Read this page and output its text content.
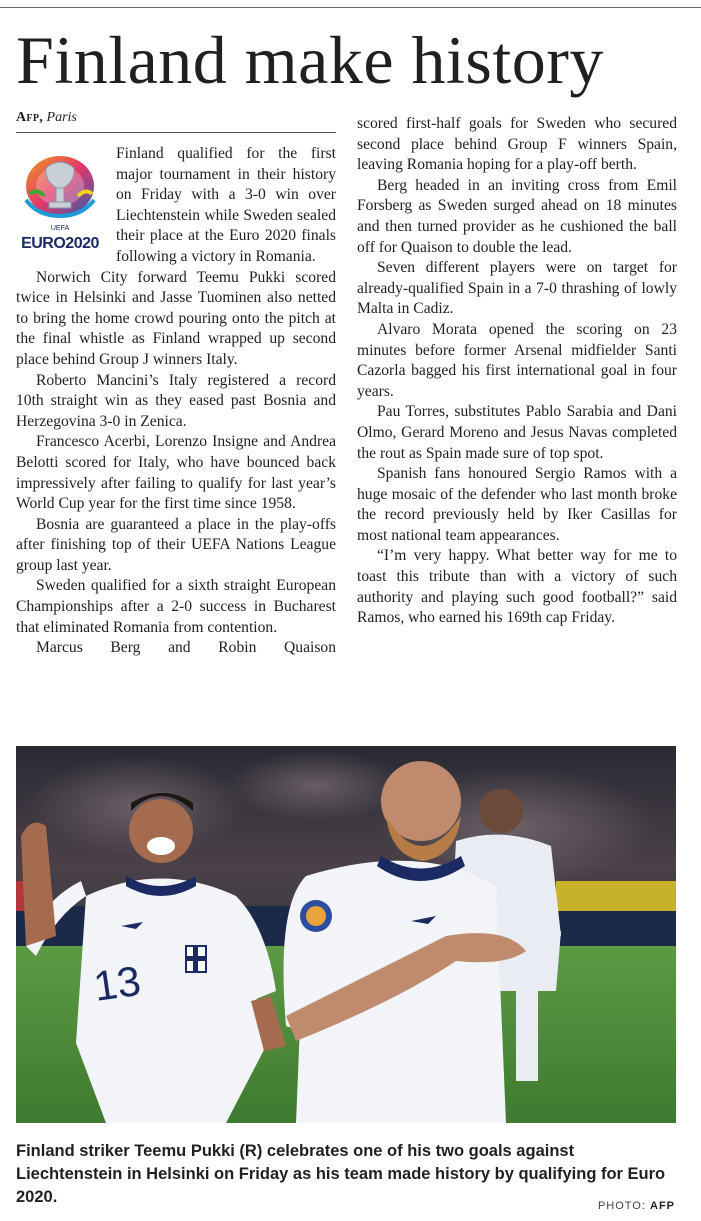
Finland make history
Afp, Paris
UEFA
EURO2020

Finland qualified for the first major tournament in their history on Friday with a 3-0 win over Liechtenstein while Sweden sealed their place at the Euro 2020 finals following a victory in Romania.

Norwich City forward Teemu Pukki scored twice in Helsinki and Jasse Tuominen also netted to bring the home crowd pouring onto the pitch at the final whistle as Finland wrapped up second place behind Group J winners Italy.

Roberto Mancini’s Italy registered a record 10th straight win as they eased past Bosnia and Herzegovina 3-0 in Zenica.

Francesco Acerbi, Lorenzo Insigne and Andrea Belotti scored for Italy, who have bounced back impressively after failing to qualify for last year’s World Cup year for the first time since 1958.

Bosnia are guaranteed a place in the play-offs after finishing top of their UEFA Nations League group last year.

Sweden qualified for a sixth straight European Championships after a 2-0 success in Bucharest that eliminated Romania from contention.

Marcus Berg and Robin Quaison

scored first-half goals for Sweden who secured second place behind Group F winners Spain, leaving Romania hoping for a play-off berth.

Berg headed in an inviting cross from Emil Forsberg as Sweden surged ahead on 18 minutes and then turned provider as he cushioned the ball off for Quaison to double the lead.

Seven different players were on target for already-qualified Spain in a 7-0 thrashing of lowly Malta in Cadiz.

Alvaro Morata opened the scoring on 23 minutes before former Arsenal midfielder Santi Cazorla bagged his first international goal in four years.

Pau Torres, substitutes Pablo Sarabia and Dani Olmo, Gerard Moreno and Jesus Navas completed the rout as Spain made sure of top spot.

Spanish fans honoured Sergio Ramos with a huge mosaic of the defender who last month broke the record previously held by Iker Casillas for most national team appearances.

“I’m very happy. What better way for me to toast this tribute than with a victory of such authority and playing such good football?” said Ramos, who earned his 169th cap Friday.

13

Finland striker Teemu Pukki (R) celebrates one of his two goals against Liechtenstein in Helsinki on Friday as his team made history by qualifying for Euro 2020.	PHOTO: AFP
